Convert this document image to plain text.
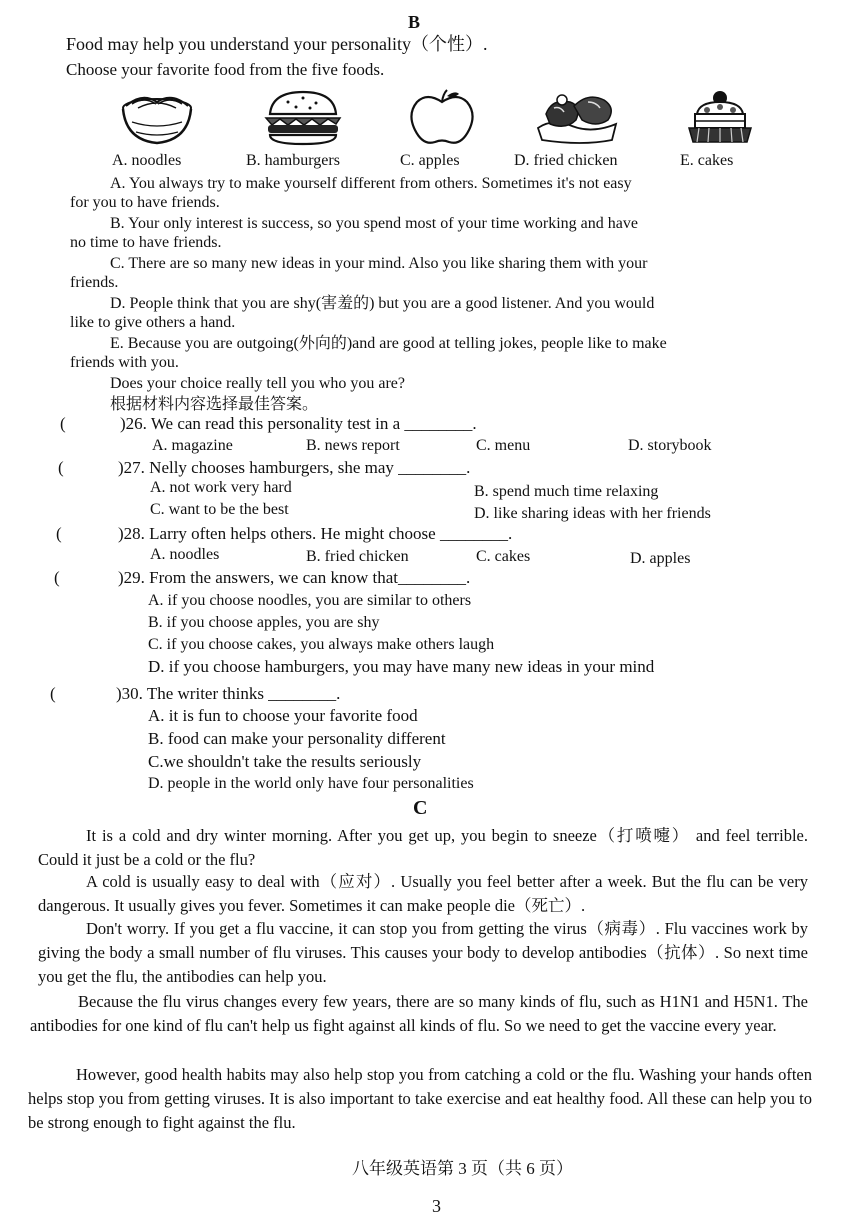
B
Food may help you understand your personality（个性）.
Choose your favorite food from the five foods.
A. noodles	B. hamburgers	C. apples	D. fried chicken	E. cakes
A. You always try to make yourself different from others. Sometimes it's not easy
for you to have friends.
B. Your only interest is success, so you spend most of your time working and have
no time to have friends.
C. There are so many new ideas in your mind. Also you like sharing them with your
friends.
D. People think that you are shy(害羞的) but you are a good listener. And you would
like to give others a hand.
E. Because you are outgoing(外向的)and are good at telling jokes, people like to make
friends with you.
Does your choice really tell you who you are?
根据材料内容选择最佳答案。
(	)26. We can read this personality test in a ________.
A. magazine	B. news report	C. menu	D. storybook
(	)27. Nelly chooses hamburgers, she may ________.
A. not work very hard	B. spend much time relaxing
C. want to be the best	D. like sharing ideas with her friends
(	)28. Larry often helps others. He might choose ________.
A. noodles	B. fried chicken	C. cakes	D. apples
(	)29. From the answers, we can know that________.
A. if you choose noodles, you are similar to others
B. if you choose apples, you are shy
C. if you choose cakes, you always make others laugh
D. if you choose hamburgers, you may have many new ideas in your mind
(	)30. The writer thinks ________.
A. it is fun to choose your favorite food
B. food can make your personality different
C.we shouldn't take the results seriously
D. people in the world only have four personalities
C
It is a cold and dry winter morning. After you get up, you begin to sneeze（打喷嚏） and feel terrible. Could it just be a cold or the flu?
A cold is usually easy to deal with（应对）. Usually you feel better after a week. But the flu can be very dangerous. It usually gives you fever. Sometimes it can make people die（死亡）.
Don't worry. If you get a flu vaccine, it can stop you from getting the virus（病毒）. Flu vaccines work by giving the body a small number of flu viruses. This causes your body to develop antibodies（抗体）. So next time you get the flu, the antibodies can help you.
Because the flu virus changes every few years, there are so many kinds of flu, such as H1N1 and H5N1. The antibodies for one kind of flu can't help us fight against all kinds of flu. So we need to get the vaccine every year.
However, good health habits may also help stop you from catching a cold or the flu. Washing your hands often helps stop you from getting viruses. It is also important to take exercise and eat healthy food. All these can help you to be strong enough to fight against the flu.
八年级英语第 3 页（共 6 页）
3
